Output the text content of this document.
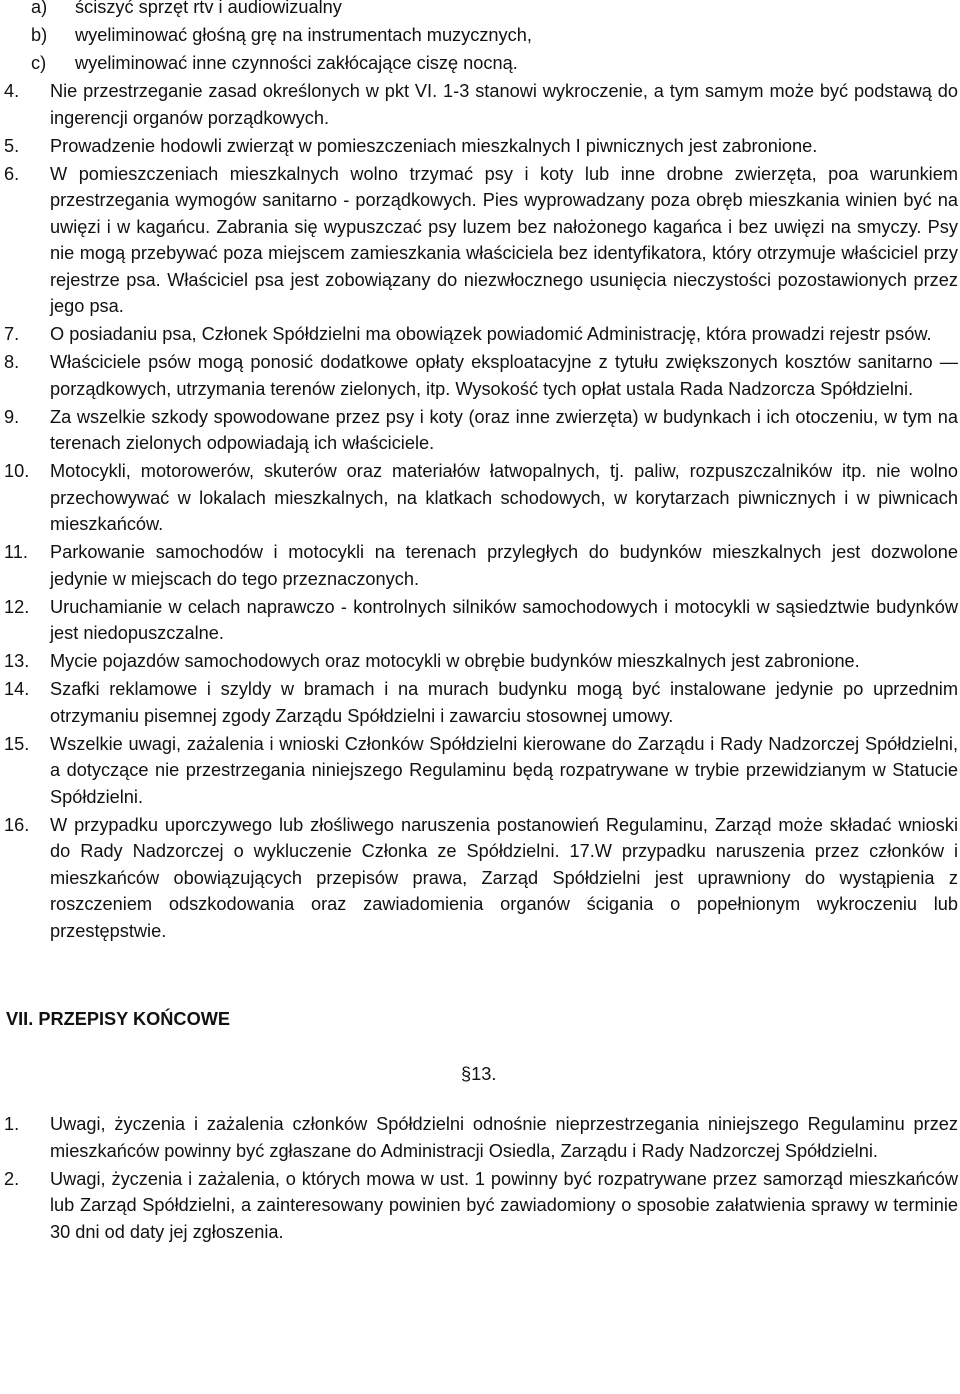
a)	ściszyć sprzęt rtv i audiowizualny
b)	wyeliminować głośną grę na instrumentach muzycznych,
c)	wyeliminować inne czynności zakłócające ciszę nocną.
4.	Nie przestrzeganie zasad określonych w pkt VI. 1-3 stanowi wykroczenie, a tym samym może być podstawą do ingerencji organów porządkowych.
5.	Prowadzenie hodowli zwierząt w pomieszczeniach mieszkalnych I piwnicznych jest zabronione.
6.	W pomieszczeniach mieszkalnych wolno trzymać psy i koty lub inne drobne zwierzęta, poa warunkiem przestrzegania wymogów sanitarno - porządkowych. Pies wyprowadzany poza obręb mieszkania winien być na uwięzi i w kagańcu. Zabrania się wypuszczać psy luzem bez nałożonego kagańca i bez uwięzi na smyczy. Psy nie mogą przebywać poza miejscem zamieszkania właściciela bez identyfikatora, który otrzymuje właściciel przy rejestrze psa. Właściciel psa jest zobowiązany do niezwłocznego usunięcia nieczystości pozostawionych przez jego psa.
7.	O posiadaniu psa, Członek Spółdzielni ma obowiązek powiadomić Administrację, która prowadzi rejestr psów.
8.	Właściciele psów mogą ponosić dodatkowe opłaty eksploatacyjne z tytułu zwiększonych kosztów sanitarno — porządkowych, utrzymania terenów zielonych, itp. Wysokość tych opłat ustala Rada Nadzorcza Spółdzielni.
9.	Za wszelkie szkody spowodowane przez psy i koty (oraz inne zwierzęta) w budynkach i ich otoczeniu, w tym na terenach zielonych odpowiadają ich właściciele.
10.	Motocykli, motorowerów, skuterów oraz materiałów łatwopalnych, tj. paliw, rozpuszczalników itp. nie wolno przechowywać w lokalach mieszkalnych, na klatkach schodowych, w korytarzach piwnicznych i w piwnicach mieszkańców.
11.	Parkowanie samochodów i motocykli na terenach przyległych do budynków mieszkalnych jest dozwolone jedynie w miejscach do tego przeznaczonych.
12.	Uruchamianie w celach naprawczo - kontrolnych silników samochodowych i motocykli w sąsiedztwie budynków jest niedopuszczalne.
13.	Mycie pojazdów samochodowych oraz motocykli w obrębie budynków mieszkalnych jest zabronione.
14.	Szafki reklamowe i szyldy w bramach i na murach budynku mogą być instalowane jedynie po uprzednim otrzymaniu pisemnej zgody Zarządu Spółdzielni i zawarciu stosownej umowy.
15.	Wszelkie uwagi, zażalenia i wnioski Członków Spółdzielni kierowane do Zarządu i Rady Nadzorczej Spółdzielni, a dotyczące nie przestrzegania niniejszego Regulaminu będą rozpatrywane w trybie przewidzianym w Statucie Spółdzielni.
16.	W przypadku uporczywego lub złośliwego naruszenia postanowień Regulaminu, Zarząd może składać wnioski do Rady Nadzorczej o wykluczenie Członka ze Spółdzielni. 17.W przypadku naruszenia przez członków i mieszkańców obowiązujących przepisów prawa, Zarząd Spółdzielni jest uprawniony do wystąpienia z roszczeniem odszkodowania oraz zawiadomienia organów ścigania o popełnionym wykroczeniu lub przestępstwie.
VII. PRZEPISY KOŃCOWE
§13.
1.	Uwagi, życzenia i zażalenia członków Spółdzielni odnośnie nieprzestrzegania niniejszego Regulaminu przez mieszkańców powinny być zgłaszane do Administracji Osiedla, Zarządu i Rady Nadzorczej Spółdzielni.
2.	Uwagi, życzenia i zażalenia, o których mowa w ust. 1 powinny być rozpatrywane przez samorząd mieszkańców lub Zarząd Spółdzielni, a zainteresowany powinien być zawiadomiony o sposobie załatwienia sprawy w terminie 30 dni od daty jej zgłoszenia.
